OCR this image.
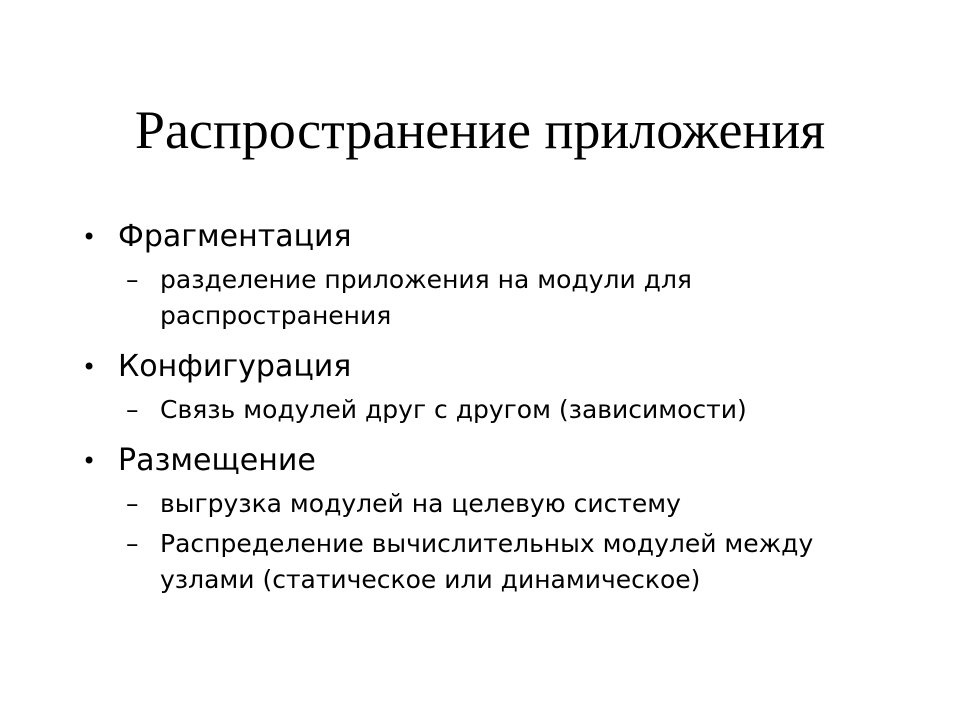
Распространение приложения
• Фрагментация
– разделение приложения на модули для распространения
• Конфигурация
– Связь модулей друг с другом (зависимости)
• Размещение
– выгрузка модулей на целевую систему
– Распределение вычислительных модулей между узлами (статическое или динамическое)
